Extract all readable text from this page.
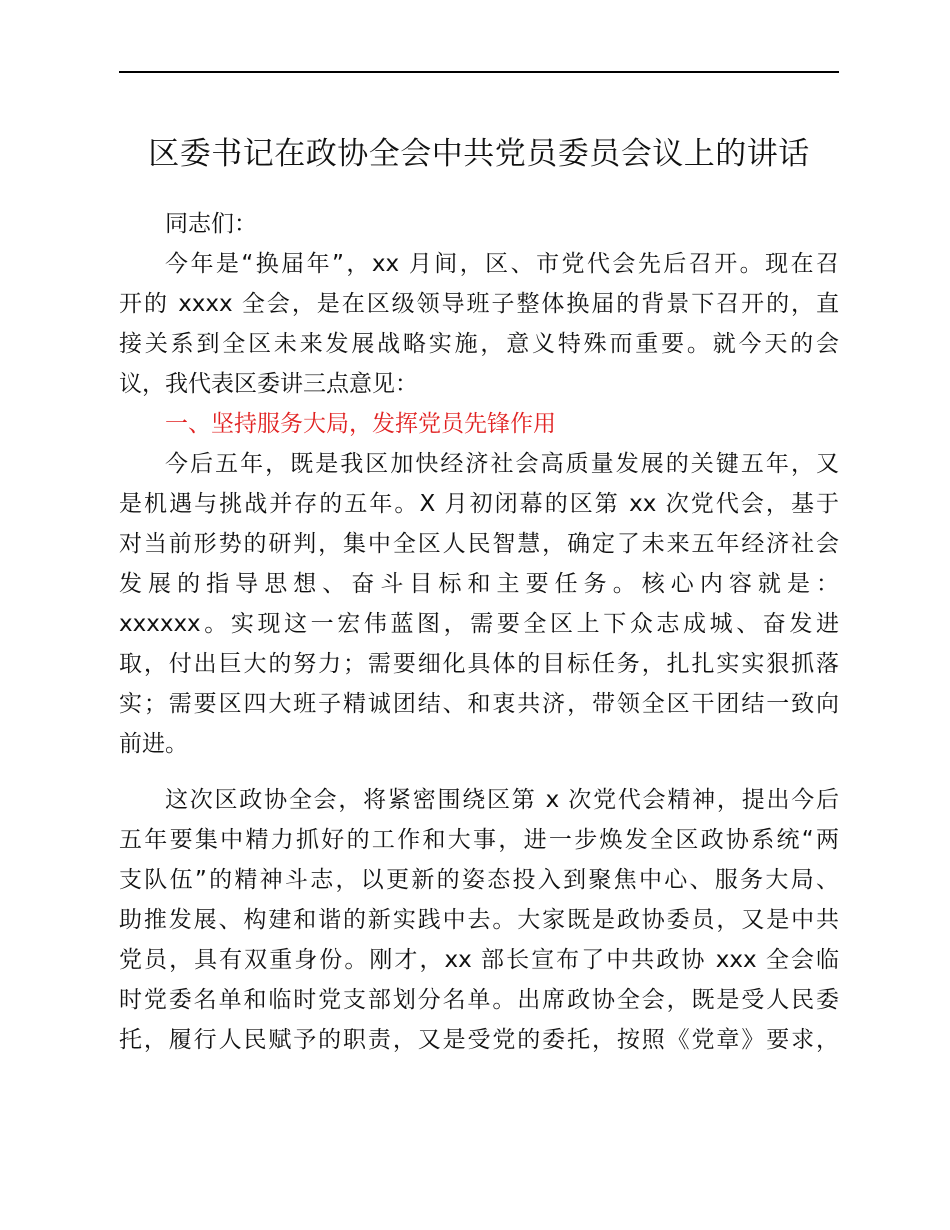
区委书记在政协全会中共党员委员会议上的讲话
同志们：
今年是“换届年”，xx 月间，区、市党代会先后召开。现在召
开的 xxxx 全会，是在区级领导班子整体换届的背景下召开的，直
接关系到全区未来发展战略实施，意义特殊而重要。就今天的会
议，我代表区委讲三点意见：
一、坚持服务大局，发挥党员先锋作用
今后五年，既是我区加快经济社会高质量发展的关键五年，又
是机遇与挑战并存的五年。X 月初闭幕的区第 xx 次党代会，基于
对当前形势的研判，集中全区人民智慧，确定了未来五年经济社会
发展的指导思想、奋斗目标和主要任务。核心内容就是：
xxxxxx。实现这一宏伟蓝图，需要全区上下众志成城、奋发进
取，付出巨大的努力；需要细化具体的目标任务，扎扎实实狠抓落
实；需要区四大班子精诚团结、和衷共济，带领全区干团结一致向
前进。
这次区政协全会，将紧密围绕区第 x 次党代会精神，提出今后
五年要集中精力抓好的工作和大事，进一步焕发全区政协系统“两
支队伍”的精神斗志，以更新的姿态投入到聚焦中心、服务大局、
助推发展、构建和谐的新实践中去。大家既是政协委员，又是中共
党员，具有双重身份。刚才，xx 部长宣布了中共政协 xxx 全会临
时党委名单和临时党支部划分名单。出席政协全会，既是受人民委
托，履行人民赋予的职责，又是受党的委托，按照《党章》要求，
